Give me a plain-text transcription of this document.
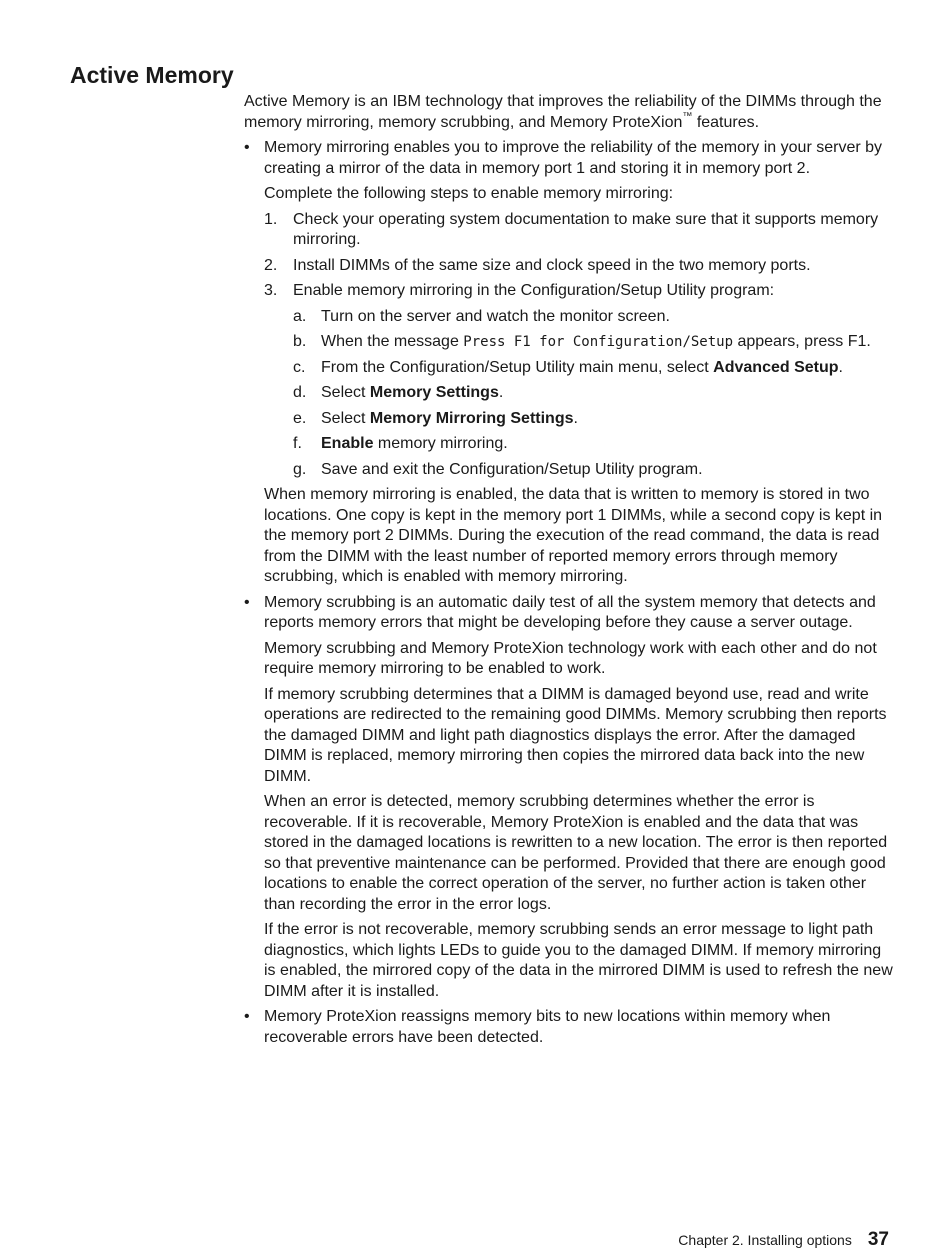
Active Memory

Active Memory is an IBM technology that improves the reliability of the DIMMs through the memory mirroring, memory scrubbing, and Memory ProteXion™ features.

• Memory mirroring enables you to improve the reliability of the memory in your server by creating a mirror of the data in memory port 1 and storing it in memory port 2.

Complete the following steps to enable memory mirroring:

1. Check your operating system documentation to make sure that it supports memory mirroring.
2. Install DIMMs of the same size and clock speed in the two memory ports.
3. Enable memory mirroring in the Configuration/Setup Utility program:
a. Turn on the server and watch the monitor screen.
b. When the message Press F1 for Configuration/Setup appears, press F1.
c. From the Configuration/Setup Utility main menu, select Advanced Setup.
d. Select Memory Settings.
e. Select Memory Mirroring Settings.
f. Enable memory mirroring.
g. Save and exit the Configuration/Setup Utility program.

When memory mirroring is enabled, the data that is written to memory is stored in two locations. One copy is kept in the memory port 1 DIMMs, while a second copy is kept in the memory port 2 DIMMs. During the execution of the read command, the data is read from the DIMM with the least number of reported memory errors through memory scrubbing, which is enabled with memory mirroring.

• Memory scrubbing is an automatic daily test of all the system memory that detects and reports memory errors that might be developing before they cause a server outage.

Memory scrubbing and Memory ProteXion technology work with each other and do not require memory mirroring to be enabled to work.

If memory scrubbing determines that a DIMM is damaged beyond use, read and write operations are redirected to the remaining good DIMMs. Memory scrubbing then reports the damaged DIMM and light path diagnostics displays the error. After the damaged DIMM is replaced, memory mirroring then copies the mirrored data back into the new DIMM.

When an error is detected, memory scrubbing determines whether the error is recoverable. If it is recoverable, Memory ProteXion is enabled and the data that was stored in the damaged locations is rewritten to a new location. The error is then reported so that preventive maintenance can be performed. Provided that there are enough good locations to enable the correct operation of the server, no further action is taken other than recording the error in the error logs.

If the error is not recoverable, memory scrubbing sends an error message to light path diagnostics, which lights LEDs to guide you to the damaged DIMM. If memory mirroring is enabled, the mirrored copy of the data in the mirrored DIMM is used to refresh the new DIMM after it is installed.

• Memory ProteXion reassigns memory bits to new locations within memory when recoverable errors have been detected.

Chapter 2. Installing options 37
